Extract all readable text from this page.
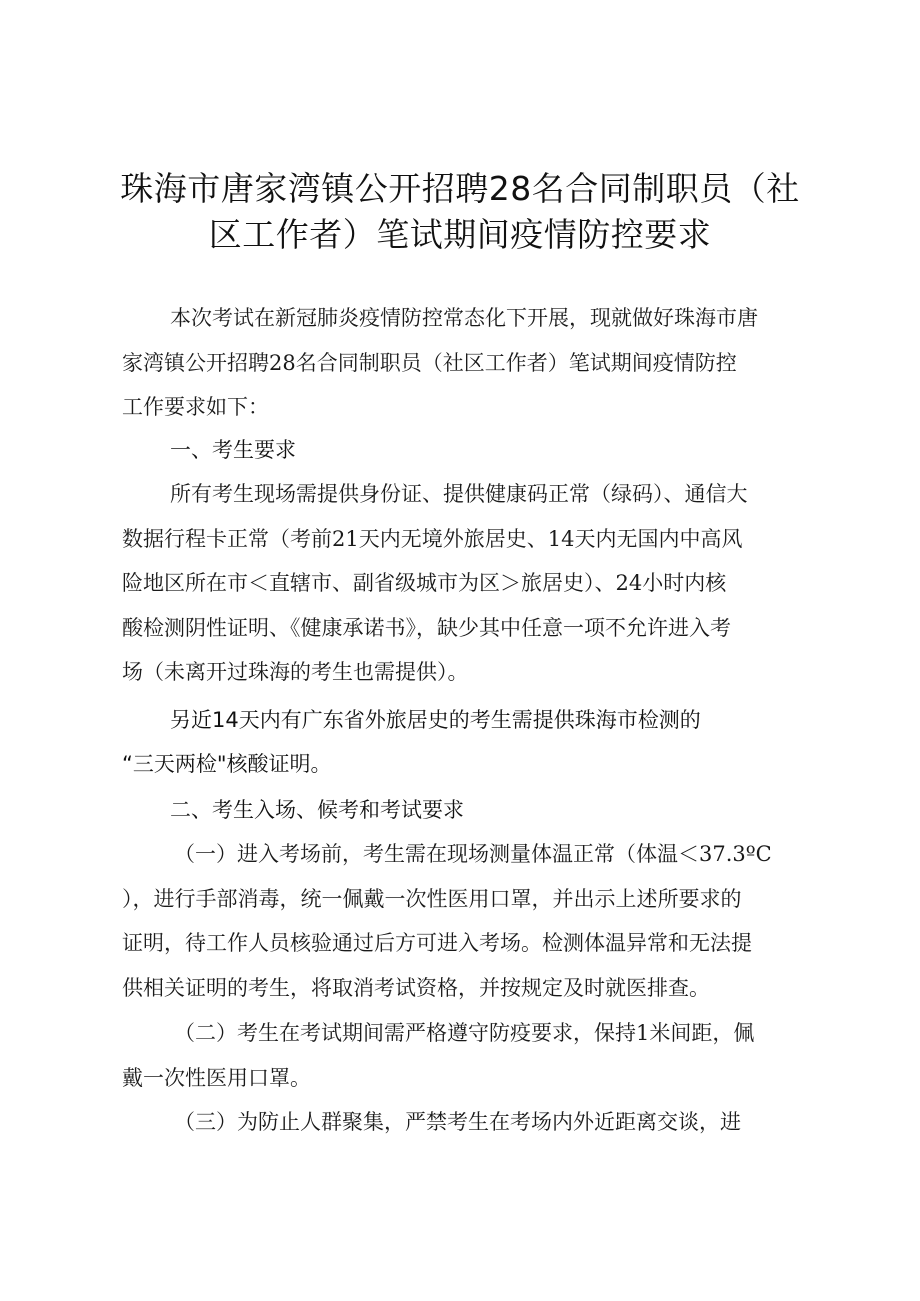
珠海市唐家湾镇公开招聘28名合同制职员（社
区工作者）笔试期间疫情防控要求
本次考试在新冠肺炎疫情防控常态化下开展，现就做好珠海市唐
家湾镇公开招聘28名合同制职员（社区工作者）笔试期间疫情防控
工作要求如下：
一、考生要求
所有考生现场需提供身份证、提供健康码正常（绿码）、通信大
数据行程卡正常（考前21天内无境外旅居史、14天内无国内中高风
险地区所在市＜直辖市、副省级城市为区＞旅居史）、24小时内核
酸检测阴性证明、《健康承诺书》，缺少其中任意一项不允许进入考
场（未离开过珠海的考生也需提供）。
另近14天内有广东省外旅居史的考生需提供珠海市检测的
“三天两检"核酸证明。
二、考生入场、候考和考试要求
（一）进入考场前，考生需在现场测量体温正常（体温＜37.3ºC
），进行手部消毒，统一佩戴一次性医用口罩，并出示上述所要求的
证明，待工作人员核验通过后方可进入考场。检测体温异常和无法提
供相关证明的考生，将取消考试资格，并按规定及时就医排查。
（二）考生在考试期间需严格遵守防疫要求，保持1米间距，佩
戴一次性医用口罩。
（三）为防止人群聚集，严禁考生在考场内外近距离交谈，进
